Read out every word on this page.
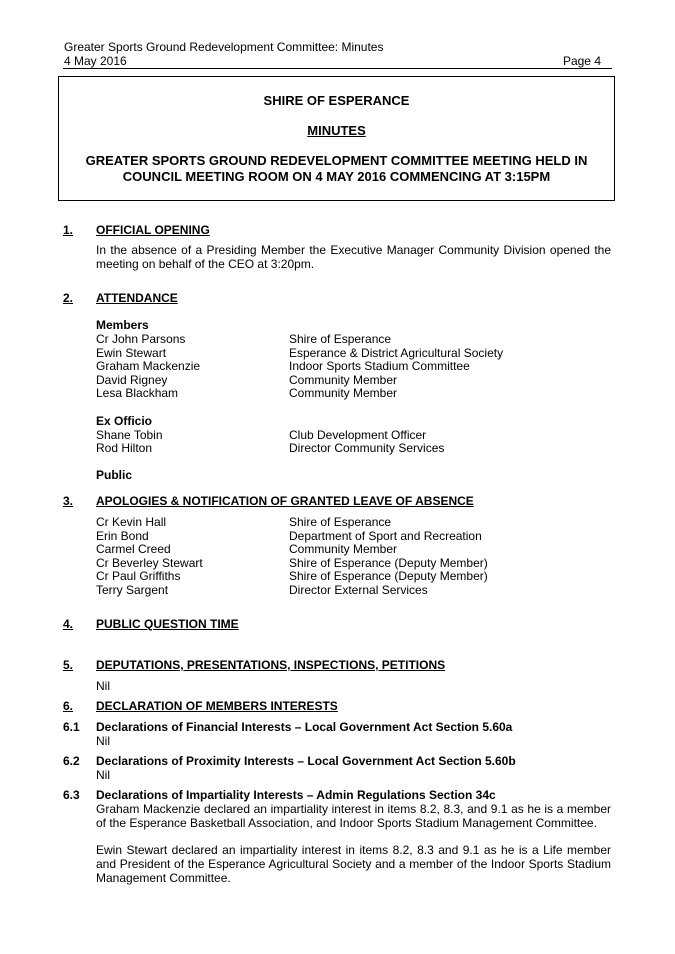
Greater Sports Ground Redevelopment Committee: Minutes
4 May 2016	Page 4
SHIRE OF ESPERANCE
MINUTES
GREATER SPORTS GROUND REDEVELOPMENT COMMITTEE MEETING HELD IN COUNCIL MEETING ROOM ON 4 MAY 2016 COMMENCING AT 3:15PM
1. OFFICIAL OPENING
In the absence of a Presiding Member the Executive Manager Community Division opened the meeting on behalf of the CEO at 3:20pm.
2. ATTENDANCE
Members
Cr John Parsons	Shire of Esperance
Ewin Stewart	Esperance & District Agricultural Society
Graham Mackenzie	Indoor Sports Stadium Committee
David Rigney	Community Member
Lesa Blackham	Community Member
Ex Officio
Shane Tobin	Club Development Officer
Rod Hilton	Director Community Services
Public
3. APOLOGIES & NOTIFICATION OF GRANTED LEAVE OF ABSENCE
Cr Kevin Hall	Shire of Esperance
Erin Bond	Department of Sport and Recreation
Carmel Creed	Community Member
Cr Beverley Stewart	Shire of Esperance (Deputy Member)
Cr Paul Griffiths	Shire of Esperance (Deputy Member)
Terry Sargent	Director External Services
4. PUBLIC QUESTION TIME
5. DEPUTATIONS, PRESENTATIONS, INSPECTIONS, PETITIONS
Nil
6. DECLARATION OF MEMBERS INTERESTS
6.1 Declarations of Financial Interests – Local Government Act Section 5.60a
Nil
6.2 Declarations of Proximity Interests – Local Government Act Section 5.60b
Nil
6.3 Declarations of Impartiality Interests – Admin Regulations Section 34c
Graham Mackenzie declared an impartiality interest in items 8.2, 8.3, and 9.1 as he is a member of the Esperance Basketball Association, and Indoor Sports Stadium Management Committee.
Ewin Stewart declared an impartiality interest in items 8.2, 8.3 and 9.1 as he is a Life member and President of the Esperance Agricultural Society and a member of the Indoor Sports Stadium Management Committee.
